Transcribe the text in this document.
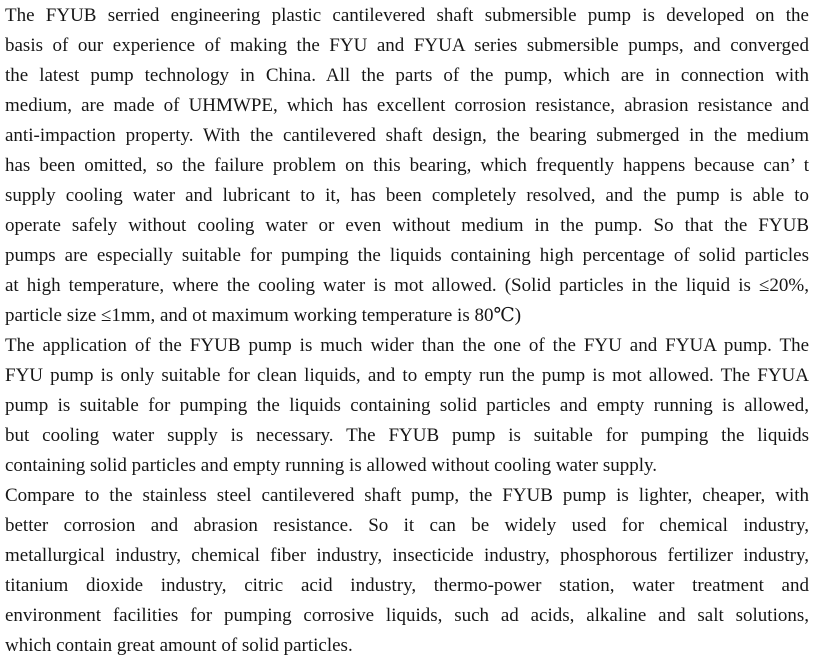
The FYUB serried engineering plastic cantilevered shaft submersible pump is developed on the
basis of our experience of making the FYU and FYUA series submersible pumps, and converged
the latest pump technology in China. All the parts of the pump, which are in connection with
medium, are made of UHMWPE, which has excellent corrosion resistance, abrasion resistance and
anti-impaction property. With the cantilevered shaft design, the bearing submerged in the medium
has been omitted, so the failure problem on this bearing, which frequently happens because can’ t
supply cooling water and lubricant to it, has been completely resolved, and the pump is able to
operate safely without cooling water or even without medium in the pump. So that the FYUB
pumps are especially suitable for pumping the liquids containing high percentage of solid particles
at high temperature, where the cooling water is mot allowed. (Solid particles in the liquid is ≤20%,
particle size ≤1mm, and ot maximum working temperature is 80℃)
The application of the FYUB pump is much wider than the one of the FYU and FYUA pump. The
FYU pump is only suitable for clean liquids, and to empty run the pump is mot allowed. The FYUA
pump is suitable for pumping the liquids containing solid particles and empty running is allowed,
but cooling water supply is necessary. The FYUB pump is suitable for pumping the liquids
containing solid particles and empty running is allowed without cooling water supply.
Compare to the stainless steel cantilevered shaft pump, the FYUB pump is lighter, cheaper, with
better corrosion and abrasion resistance. So it can be widely used for chemical industry,
metallurgical industry, chemical fiber industry, insecticide industry, phosphorous fertilizer industry,
titanium dioxide industry, citric acid industry, thermo-power station, water treatment and
environment facilities for pumping corrosive liquids, such ad acids, alkaline and salt solutions,
which contain great amount of solid particles.
